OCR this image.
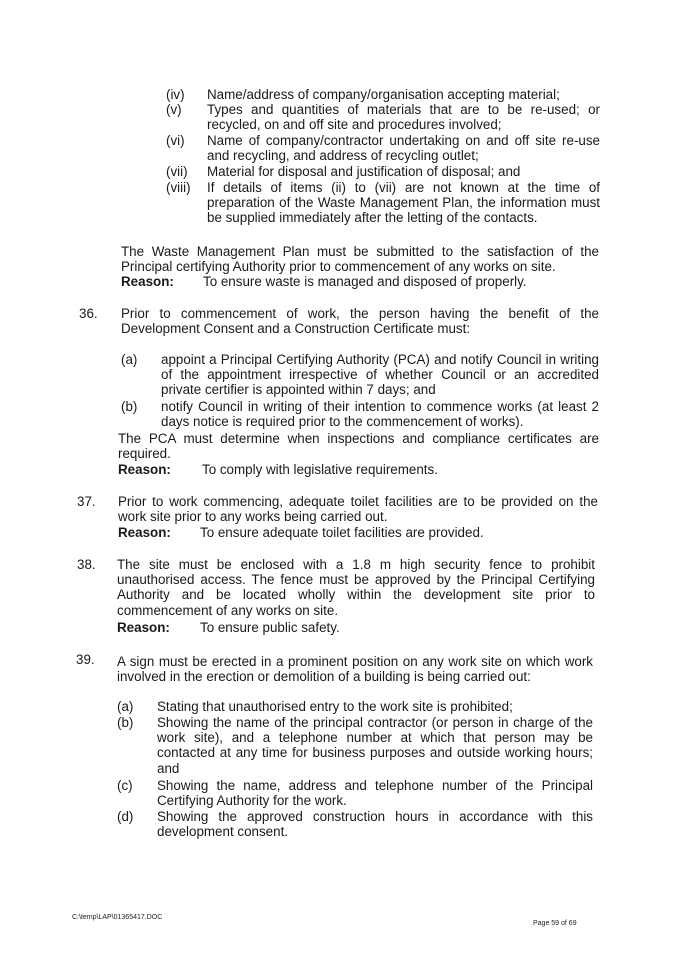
(iv)	Name/address of company/organisation accepting material;
(v)	Types and quantities of materials that are to be re-used; or recycled, on and off site and procedures involved;
(vi)	Name of company/contractor undertaking on and off site re-use and recycling, and address of recycling outlet;
(vii)	Material for disposal and justification of disposal; and
(viii)	If details of items (ii) to (vii) are not known at the time of preparation of the Waste Management Plan, the information must be supplied immediately after the letting of the contacts.
The Waste Management Plan must be submitted to the satisfaction of the Principal certifying Authority prior to commencement of any works on site.
Reason:	To ensure waste is managed and disposed of properly.
36. Prior to commencement of work, the person having the benefit of the Development Consent and a Construction Certificate must:
(a)	appoint a Principal Certifying Authority (PCA) and notify Council in writing of the appointment irrespective of whether Council or an accredited private certifier is appointed within 7 days; and
(b)	notify Council in writing of their intention to commence works (at least 2 days notice is required prior to the commencement of works).
The PCA must determine when inspections and compliance certificates are required.
Reason:	To comply with legislative requirements.
37. Prior to work commencing, adequate toilet facilities are to be provided on the work site prior to any works being carried out.
Reason:	To ensure adequate toilet facilities are provided.
38. The site must be enclosed with a 1.8 m high security fence to prohibit unauthorised access. The fence must be approved by the Principal Certifying Authority and be located wholly within the development site prior to commencement of any works on site.
Reason:	To ensure public safety.
39. A sign must be erected in a prominent position on any work site on which work involved in the erection or demolition of a building is being carried out:
(a)	Stating that unauthorised entry to the work site is prohibited;
(b)	Showing the name of the principal contractor (or person in charge of the work site), and a telephone number at which that person may be contacted at any time for business purposes and outside working hours; and
(c)	Showing the name, address and telephone number of the Principal Certifying Authority for the work.
(d)	Showing the approved construction hours in accordance with this development consent.
C:\temp\LAP\01365417.DOC
Page 59 of 69
